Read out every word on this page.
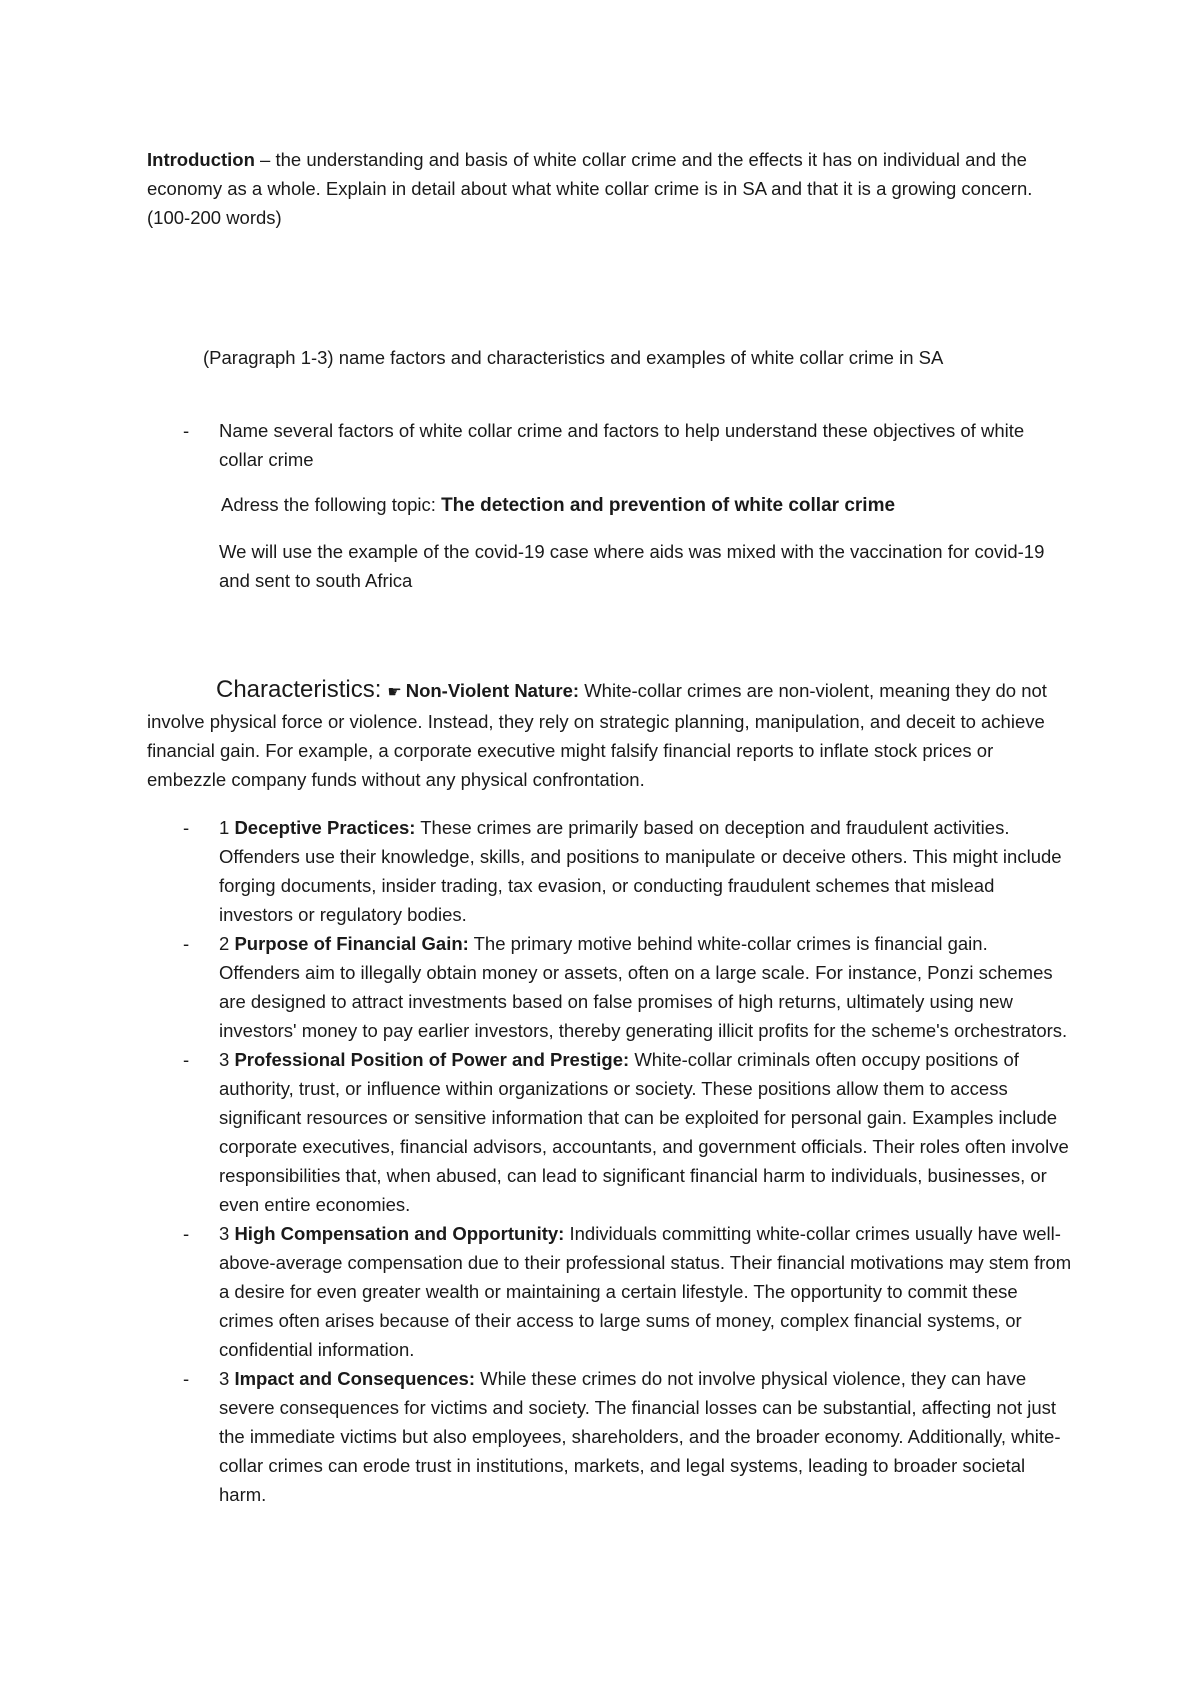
Introduction – the understanding and basis of white collar crime and the effects it has on individual and the economy as a whole. Explain in detail about what white collar crime is in SA and that it is a growing concern. (100-200 words)
(Paragraph 1-3) name factors and characteristics and examples of white collar crime in SA
- Name several factors of white collar crime and factors to help understand these objectives of white collar crime
Adress the following topic: The detection and prevention of white collar crime
We will use the example of the covid-19 case where aids was mixed with the vaccination for covid-19 and sent to south Africa
Characteristics: ☛ Non-Violent Nature: White-collar crimes are non-violent, meaning they do not involve physical force or violence. Instead, they rely on strategic planning, manipulation, and deceit to achieve financial gain. For example, a corporate executive might falsify financial reports to inflate stock prices or embezzle company funds without any physical confrontation.
- 1 Deceptive Practices: These crimes are primarily based on deception and fraudulent activities. Offenders use their knowledge, skills, and positions to manipulate or deceive others. This might include forging documents, insider trading, tax evasion, or conducting fraudulent schemes that mislead investors or regulatory bodies.
- 2 Purpose of Financial Gain: The primary motive behind white-collar crimes is financial gain. Offenders aim to illegally obtain money or assets, often on a large scale. For instance, Ponzi schemes are designed to attract investments based on false promises of high returns, ultimately using new investors' money to pay earlier investors, thereby generating illicit profits for the scheme's orchestrators.
- 3 Professional Position of Power and Prestige: White-collar criminals often occupy positions of authority, trust, or influence within organizations or society. These positions allow them to access significant resources or sensitive information that can be exploited for personal gain. Examples include corporate executives, financial advisors, accountants, and government officials. Their roles often involve responsibilities that, when abused, can lead to significant financial harm to individuals, businesses, or even entire economies.
- 3 High Compensation and Opportunity: Individuals committing white-collar crimes usually have well-above-average compensation due to their professional status. Their financial motivations may stem from a desire for even greater wealth or maintaining a certain lifestyle. The opportunity to commit these crimes often arises because of their access to large sums of money, complex financial systems, or confidential information.
- 3 Impact and Consequences: While these crimes do not involve physical violence, they can have severe consequences for victims and society. The financial losses can be substantial, affecting not just the immediate victims but also employees, shareholders, and the broader economy. Additionally, white-collar crimes can erode trust in institutions, markets, and legal systems, leading to broader societal harm.
